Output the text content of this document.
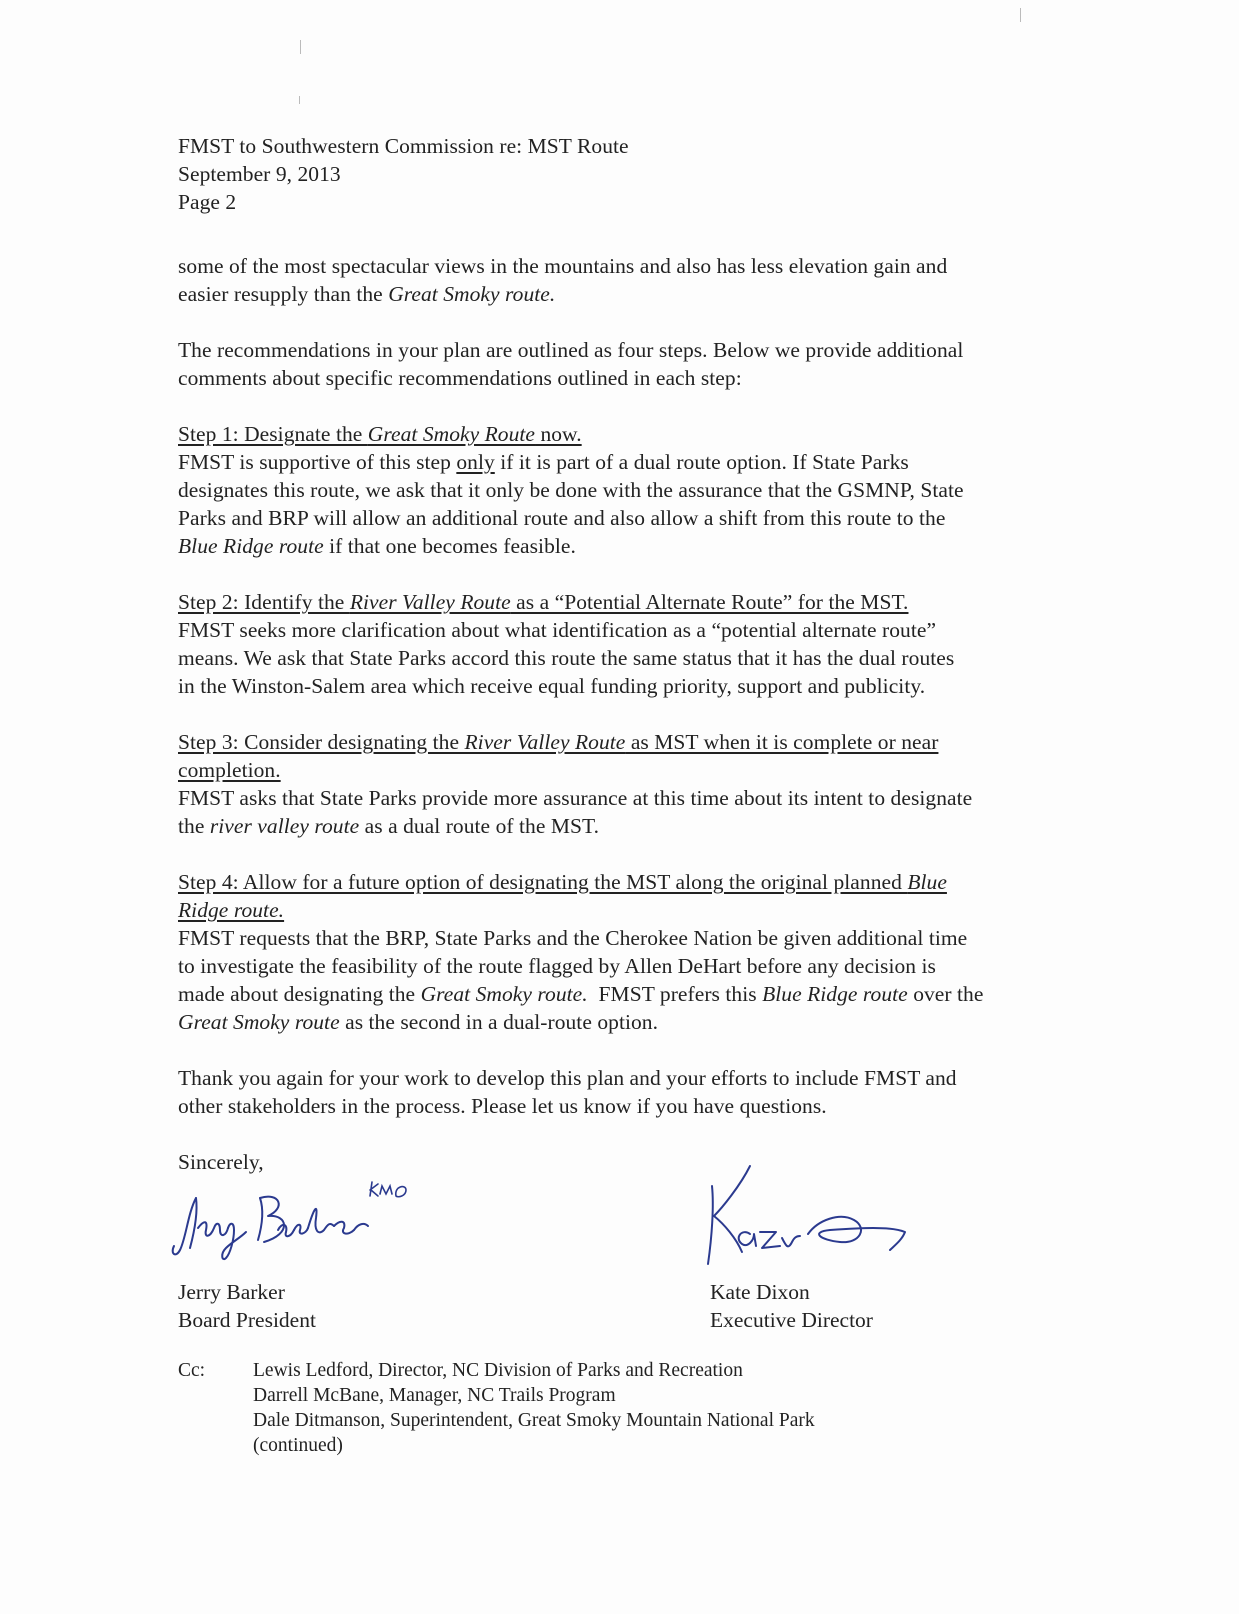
FMST to Southwestern Commission re: MST Route
September 9, 2013
Page 2
some of the most spectacular views in the mountains and also has less elevation gain and
easier resupply than the Great Smoky route.
The recommendations in your plan are outlined as four steps. Below we provide additional
comments about specific recommendations outlined in each step:
Step 1: Designate the Great Smoky Route now.
FMST is supportive of this step only if it is part of a dual route option. If State Parks
designates this route, we ask that it only be done with the assurance that the GSMNP, State
Parks and BRP will allow an additional route and also allow a shift from this route to the
Blue Ridge route if that one becomes feasible.
Step 2: Identify the River Valley Route as a “Potential Alternate Route” for the MST.
FMST seeks more clarification about what identification as a “potential alternate route”
means. We ask that State Parks accord this route the same status that it has the dual routes
in the Winston-Salem area which receive equal funding priority, support and publicity.
Step 3: Consider designating the River Valley Route as MST when it is complete or near
completion.
FMST asks that State Parks provide more assurance at this time about its intent to designate
the river valley route as a dual route of the MST.
Step 4: Allow for a future option of designating the MST along the original planned Blue
Ridge route.
FMST requests that the BRP, State Parks and the Cherokee Nation be given additional time
to investigate the feasibility of the route flagged by Allen DeHart before any decision is
made about designating the Great Smoky route.  FMST prefers this Blue Ridge route over the
Great Smoky route as the second in a dual-route option.
Thank you again for your work to develop this plan and your efforts to include FMST and
other stakeholders in the process. Please let us know if you have questions.
Sincerely,
Jerry Barker
Board President
Kate Dixon
Executive Director
Cc: Lewis Ledford, Director, NC Division of Parks and Recreation
Darrell McBane, Manager, NC Trails Program
Dale Ditmanson, Superintendent, Great Smoky Mountain National Park
(continued)
